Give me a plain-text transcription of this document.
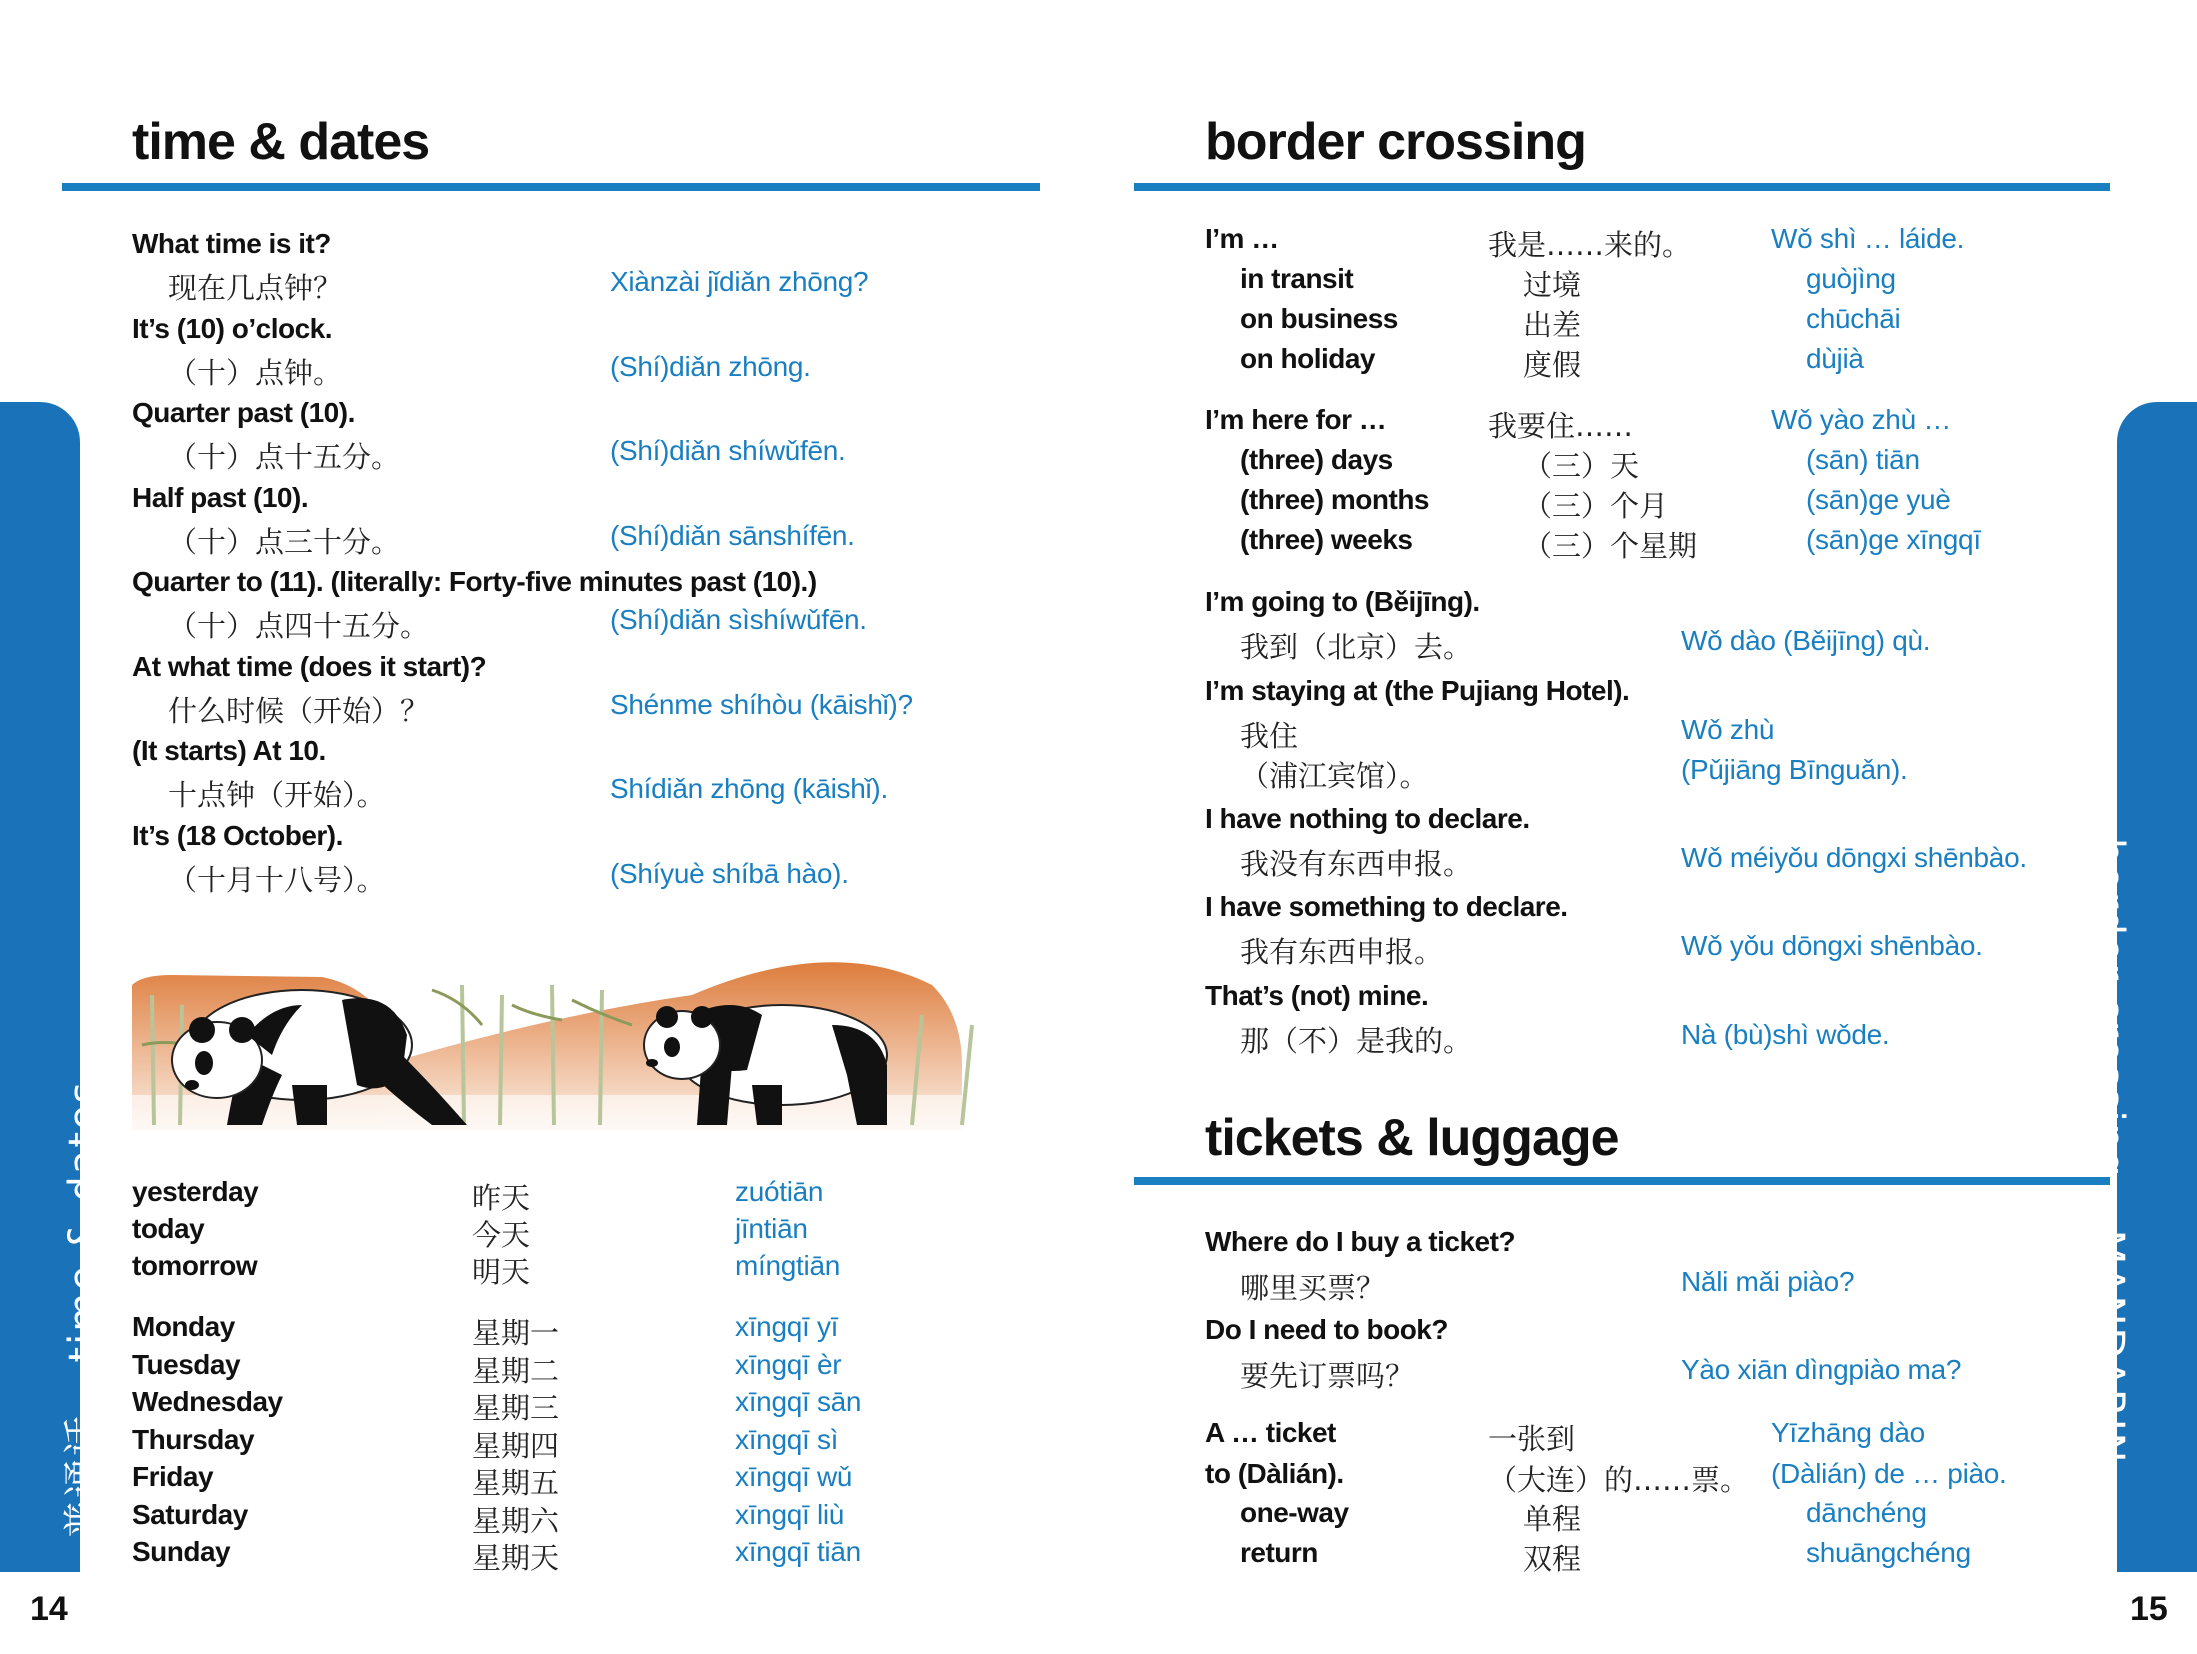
time & dates
What time is it?
现在几点钟？	Xiànzài jǐdiǎn zhōng?
It’s (10) o’clock.
（十）点钟。	(Shí)diǎn zhōng.
Quarter past (10).
（十）点十五分。	(Shí)diǎn shíwǔfēn.
Half past (10).
（十）点三十分。	(Shí)diǎn sānshífēn.
Quarter to (11). (literally: Forty-five minutes past (10).)
（十）点四十五分。	(Shí)diǎn sìshíwǔfēn.
At what time (does it start)?
什么时候（开始）？	Shénme shíhòu (kāishǐ)?
(It starts) At 10.
十点钟（开始）。	Shídiǎn zhōng (kāishǐ).
It’s (18 October).
（十月十八号）。	(Shíyuè shíbā hào).
yesterday	昨天	zuótiān
today	今天	jīntiān
tomorrow	明天	míngtiān
Monday	星期一	xīngqī yī
Tuesday	星期二	xīngqī èr
Wednesday	星期三	xīngqī sān
Thursday	星期四	xīngqī sì
Friday	星期五	xīngqī wǔ
Saturday	星期六	xīngqī liù
Sunday	星期天	xīngqī tiān
普通话 – time & dates
14
border crossing
I’m …	我是……来的。	Wǒ shì … láide.
in transit	过境	guòjìng
on business	出差	chūchāi
on holiday	度假	dùjià
I’m here for …	我要住……	Wǒ yào zhù …
(three) days	（三）天	(sān) tiān
(three) months	（三）个月	(sān)ge yuè
(three) weeks	（三）个星期	(sān)ge xīngqī
I’m going to (Běijīng).
我到（北京）去。	Wǒ dào (Běijīng) qù.
I’m staying at (the Pujiang Hotel).
我住	Wǒ zhù
（浦江宾馆）。	(Pǔjiāng Bīnguǎn).
I have nothing to declare.
我没有东西申报。	Wǒ méiyǒu dōngxi shēnbào.
I have something to declare.
我有东西申报。	Wǒ yǒu dōngxi shēnbào.
That’s (not) mine.
那（不）是我的。	Nà (bù)shì wǒde.
tickets & luggage
Where do I buy a ticket?
哪里买票？	Nǎli mǎi piào?
Do I need to book?
要先订票吗？	Yào xiān dìngpiào ma?
A … ticket	一张到	Yīzhāng dào
to (Dàlián).	（大连）的……票。 (Dàlián) de … piào.
one-way	单程	dānchéng
return	双程	shuāngchéng
border crossing – MANDARIN
15
